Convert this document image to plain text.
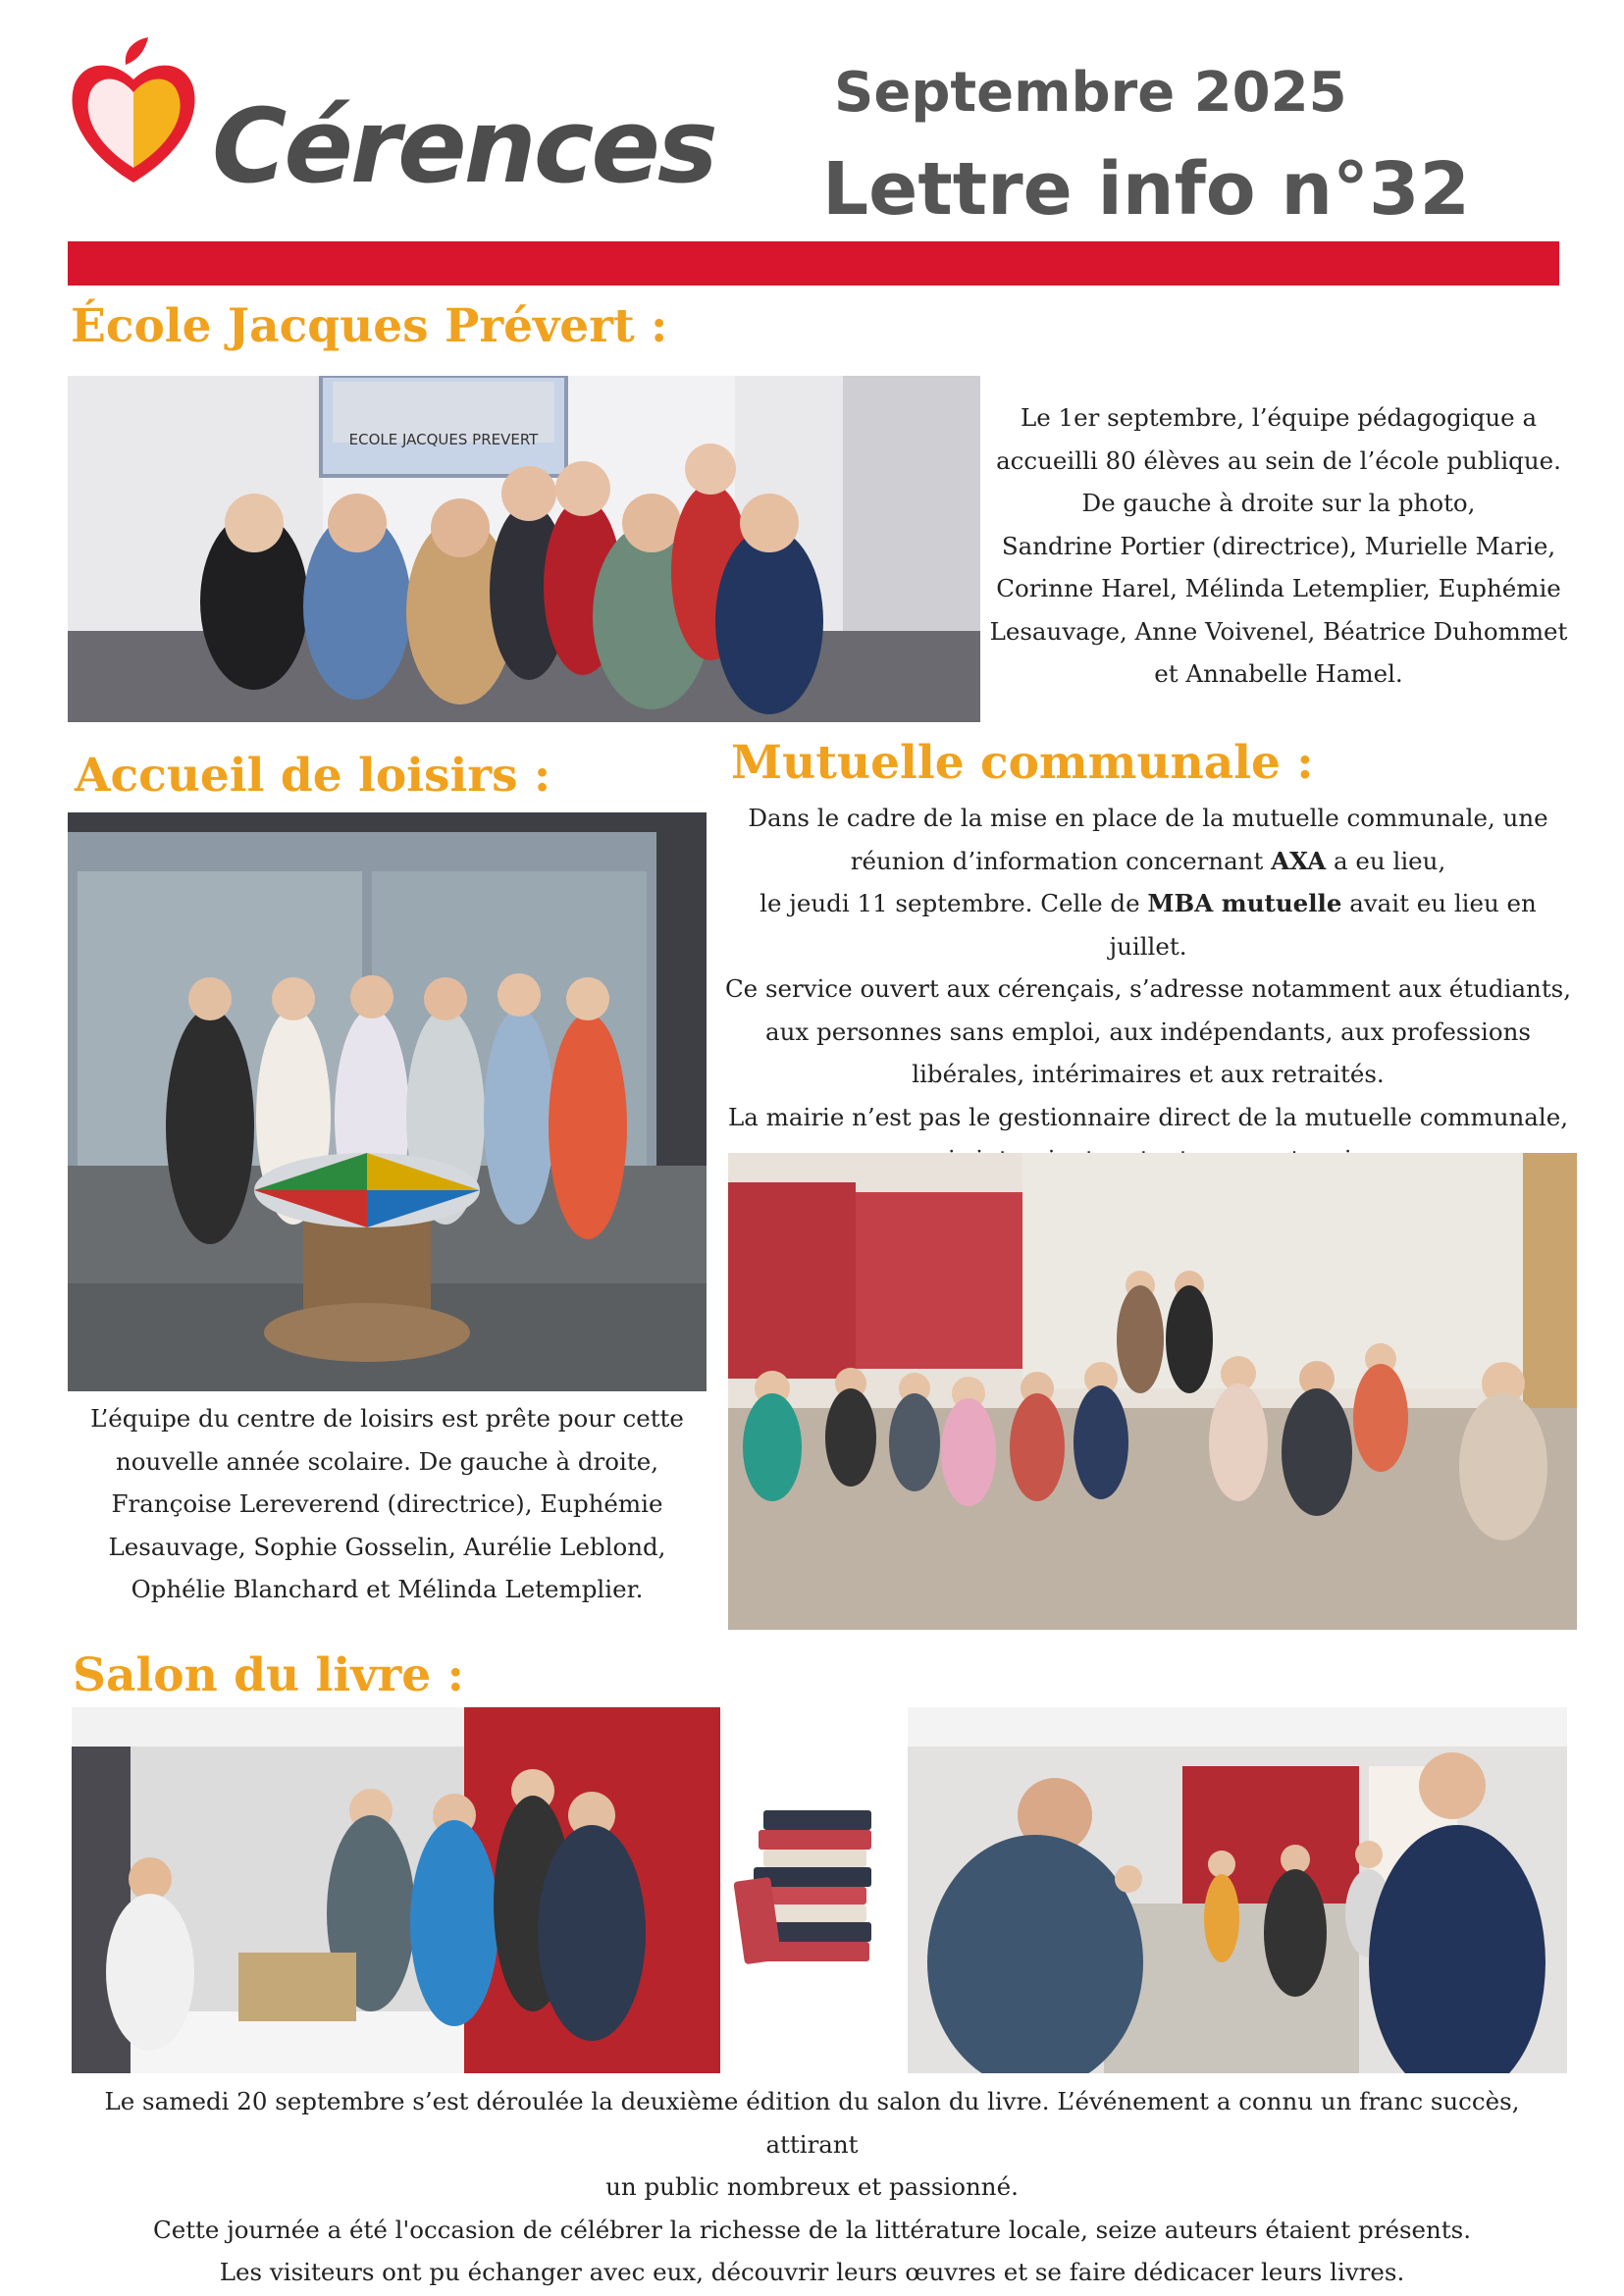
Cérences Septembre 2025
Lettre info n°32
École Jacques Prévert :
ECOLE JACQUES PREVERT

Le 1er septembre, l’équipe pédagogique a

accueilli 80 élèves au sein de l’école publique.

De gauche à droite sur la photo,

Sandrine Portier (directrice), Murielle Marie,

Corinne Harel, Mélinda Letemplier, Euphémie

Lesauvage, Anne Voivenel, Béatrice Duhommet

et Annabelle Hamel.

Accueil de loisirs :

L’équipe du centre de loisirs est prête pour cette

nouvelle année scolaire. De gauche à droite,

Françoise Lereverend (directrice), Euphémie

Lesauvage, Sophie Gosselin, Aurélie Leblond,

Ophélie Blanchard et Mélinda Letemplier.

Mutuelle communale :

Dans le cadre de la mise en place de la mutuelle communale, une

réunion d’information concernant AXA a eu lieu,

le jeudi 11 septembre. Celle de MBA mutuelle avait eu lieu en juillet.

Ce service ouvert aux cérençais, s’adresse notamment aux étudiants,

aux personnes sans emploi, aux indépendants, aux professions

libérales, intérimaires et aux retraités.

La mairie n’est pas le gestionnaire direct de la mutuelle communale,

Salon du livre :

Le samedi 20 septembre s’est déroulée la deuxième édition du salon du livre. L’événement a connu un franc succès, attirant

un public nombreux et passionné.

Cette journée a été l'occasion de célébrer la richesse de la littérature locale, seize auteurs étaient présents.

Les visiteurs ont pu échanger avec eux, découvrir leurs œuvres et se faire dédicacer leurs livres.
